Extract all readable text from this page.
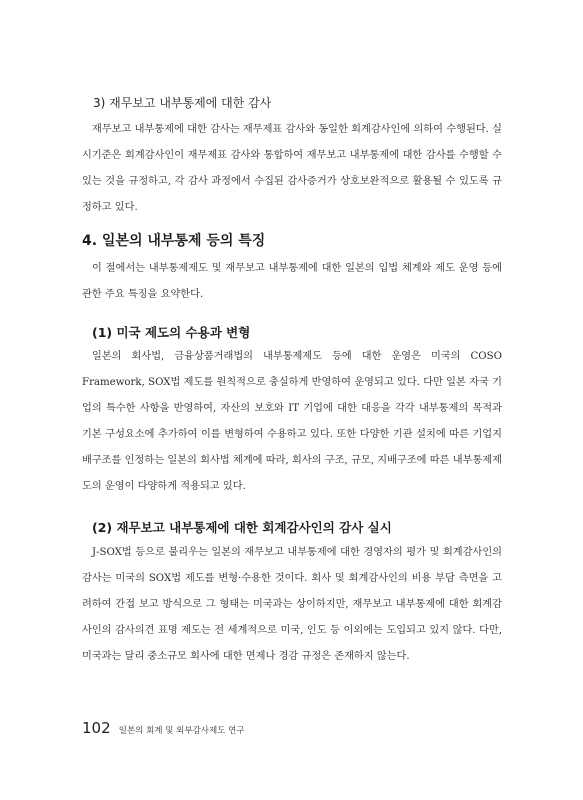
3) 재무보고 내부통제에 대한 감사

재무보고 내부통제에 대한 감사는 재무제표 감사와 동일한 회계감사인에 의하여 수행된다. 실시기준은 회계감사인이 재무제표 감사와 통합하여 재무보고 내부통제에 대한 감사를 수행할 수 있는 것을 규정하고, 각 감사 과정에서 수집된 감사증거가 상호보완적으로 활용될 수 있도록 규정하고 있다.

4. 일본의 내부통제 등의 특징

이 절에서는 내부통제제도 및 재무보고 내부통제에 대한 일본의 입법 체계와 제도 운영 등에 관한 주요 특징을 요약한다.

(1) 미국 제도의 수용과 변형

일본의 회사법, 금융상품거래법의 내부통제제도 등에 대한 운영은 미국의 COSO Framework, SOX법 제도를 원칙적으로 충실하게 반영하여 운영되고 있다. 다만 일본 자국 기업의 특수한 사항을 반영하여, 자산의 보호와 IT 기업에 대한 대응을 각각 내부통제의 목적과 기본 구성요소에 추가하여 이를 변형하여 수용하고 있다. 또한 다양한 기관 설치에 따른 기업지배구조를 인정하는 일본의 회사법 체계에 따라, 회사의 구조, 규모, 지배구조에 따른 내부통제제도의 운영이 다양하게 적용되고 있다.

(2) 재무보고 내부통제에 대한 회계감사인의 감사 실시

J-SOX법 등으로 불리우는 일본의 재무보고 내부통제에 대한 경영자의 평가 및 회계감사인의 감사는 미국의 SOX법 제도를 변형·수용한 것이다. 회사 및 회계감사인의 비용 부담 측면을 고려하여 간접 보고 방식으로 그 형태는 미국과는 상이하지만, 재무보고 내부통제에 대한 회계감사인의 감사의견 표명 제도는 전 세계적으로 미국, 인도 등 이외에는 도입되고 있지 않다. 다만, 미국과는 달리 중소규모 회사에 대한 면제나 경감 규정은 존재하지 않는다.

102 일본의 회계 및 외부감사제도 연구
